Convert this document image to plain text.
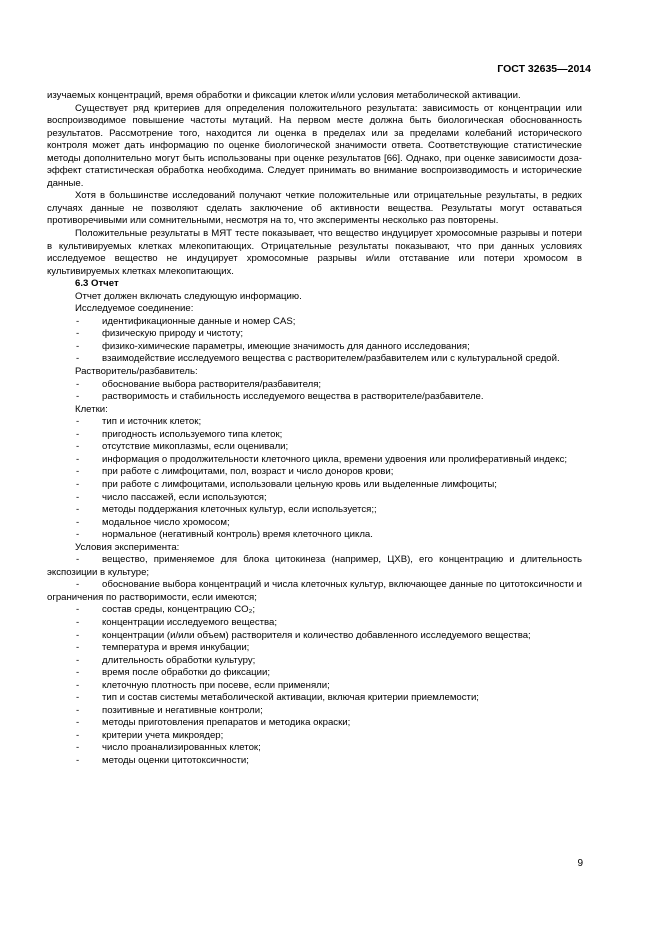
ГОСТ 32635—2014

изучаемых концентраций, время обработки и фиксации клеток и/или условия метаболической активации.

Существует ряд критериев для определения положительного результата: зависимость от концентрации или воспроизводимое повышение частоты мутаций. На первом месте должна быть биологическая обоснованность результатов. Рассмотрение того, находится ли оценка в пределах или за пределами колебаний исторического контроля может дать информацию по оценке биологической значимости ответа. Соответствующие статистические методы дополнительно могут быть использованы при оценке результатов [66]. Однако, при оценке зависимости доза-эффект статистическая обработка необходима. Следует принимать во внимание воспроизводимость и исторические данные.

Хотя в большинстве исследований получают четкие положительные или отрицательные результаты, в редких случаях данные не позволяют сделать заключение об активности вещества. Результаты могут оставаться противоречивыми или сомнительными, несмотря на то, что эксперименты несколько раз повторены.

Положительные результаты в МЯТ тесте показывает, что вещество индуцирует хромосомные разрывы и потери в культивируемых клетках млекопитающих. Отрицательные результаты показывают, что при данных условиях исследуемое вещество не индуцирует хромосомные разрывы и/или отставание или потери хромосом в культивируемых клетках млекопитающих.

6.3 Отчет

Отчет должен включать следующую информацию.

Исследуемое соединение:

- идентификационные данные и номер CAS;

- физическую природу и чистоту;

- физико-химические параметры, имеющие значимость для данного исследования;

- взаимодействие исследуемого вещества с растворителем/разбавителем или с культуральной средой.

Растворитель/разбавитель:

- обоснование выбора растворителя/разбавителя;

- растворимость и стабильность исследуемого вещества в растворителе/разбавителе.

Клетки:

- тип и источник клеток;

- пригодность используемого типа клеток;

- отсутствие микоплазмы, если оценивали;

- информация о продолжительности клеточного цикла, времени удвоения или пролиферативный индекс;

- при работе с лимфоцитами, пол, возраст и число доноров крови;

- при работе с лимфоцитами, использовали цельную кровь или выделенные лимфоциты;

- число пассажей, если используются;

- методы поддержания клеточных культур, если используется;;

- модальное число хромосом;

- нормальное (негативный контроль) время клеточного цикла.

Условия эксперимента:

- вещество, применяемое для блока цитокинеза (например, ЦХВ), его концентрацию и длительность экспозиции в культуре;

- обоснование выбора концентраций и числа клеточных культур, включающее данные по цитотоксичности и ограничения по растворимости, если имеются;

- состав среды, концентрацию CO₂;

- концентрации исследуемого вещества;

- концентрации (и/или объем) растворителя и количество добавленного исследуемого вещества;

- температура и время инкубации;

- длительность обработки культуру;

- время после обработки до фиксации;

- клеточную плотность при посеве, если применяли;

- тип и состав системы метаболической активации, включая критерии приемлемости;

- позитивные и негативные контроли;

- методы приготовления препаратов и методика окраски;

- критерии учета микроядер;

- число проанализированных клеток;

- методы оценки цитотоксичности;

9
